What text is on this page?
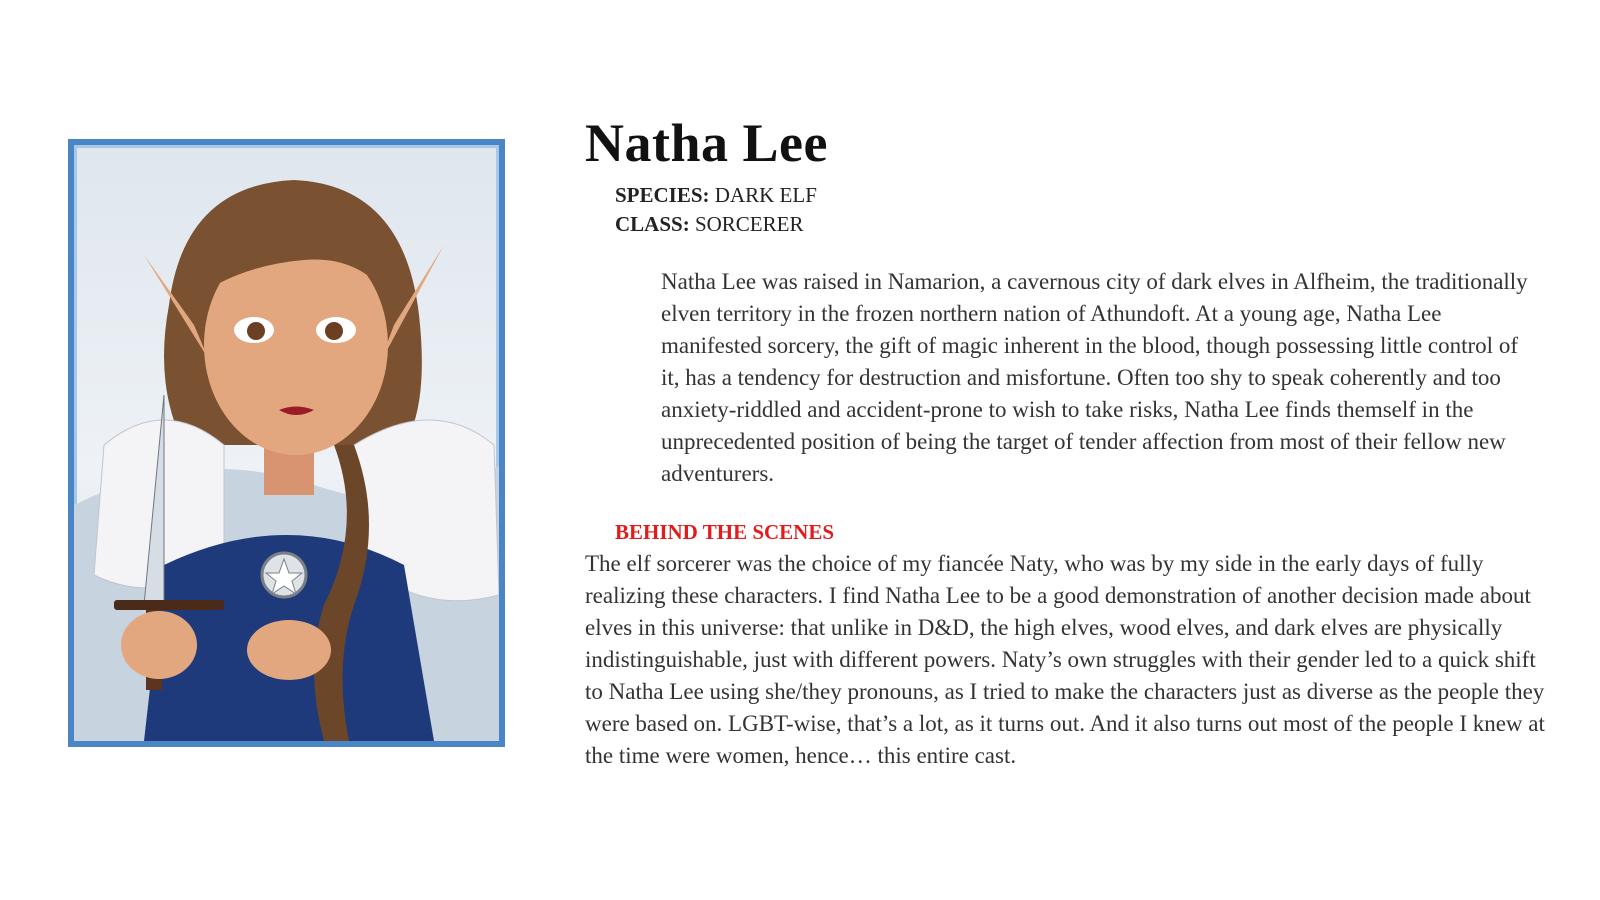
Natha Lee
SPECIES: DARK ELF
CLASS: SORCERER

Natha Lee was raised in Namarion, a cavernous city of dark elves in Alfheim, the traditionally elven territory in the frozen northern nation of Athundoft. At a young age, Natha Lee manifested sorcery, the gift of magic inherent in the blood, though possessing little control of it, has a tendency for destruction and misfortune. Often too shy to speak coherently and too anxiety-riddled and accident-prone to wish to take risks, Natha Lee finds themself in the unprecedented position of being the target of tender affection from most of their fellow new adventurers.

BEHIND THE SCENES

The elf sorcerer was the choice of my fiancée Naty, who was by my side in the early days of fully realizing these characters. I find Natha Lee to be a good demonstration of another decision made about elves in this universe: that unlike in D&D, the high elves, wood elves, and dark elves are physically indistinguishable, just with different powers. Naty’s own struggles with their gender led to a quick shift to Natha Lee using she/they pronouns, as I tried to make the characters just as diverse as the people they were based on. LGBT-wise, that’s a lot, as it turns out. And it also turns out most of the people I knew at the time were women, hence… this entire cast.
